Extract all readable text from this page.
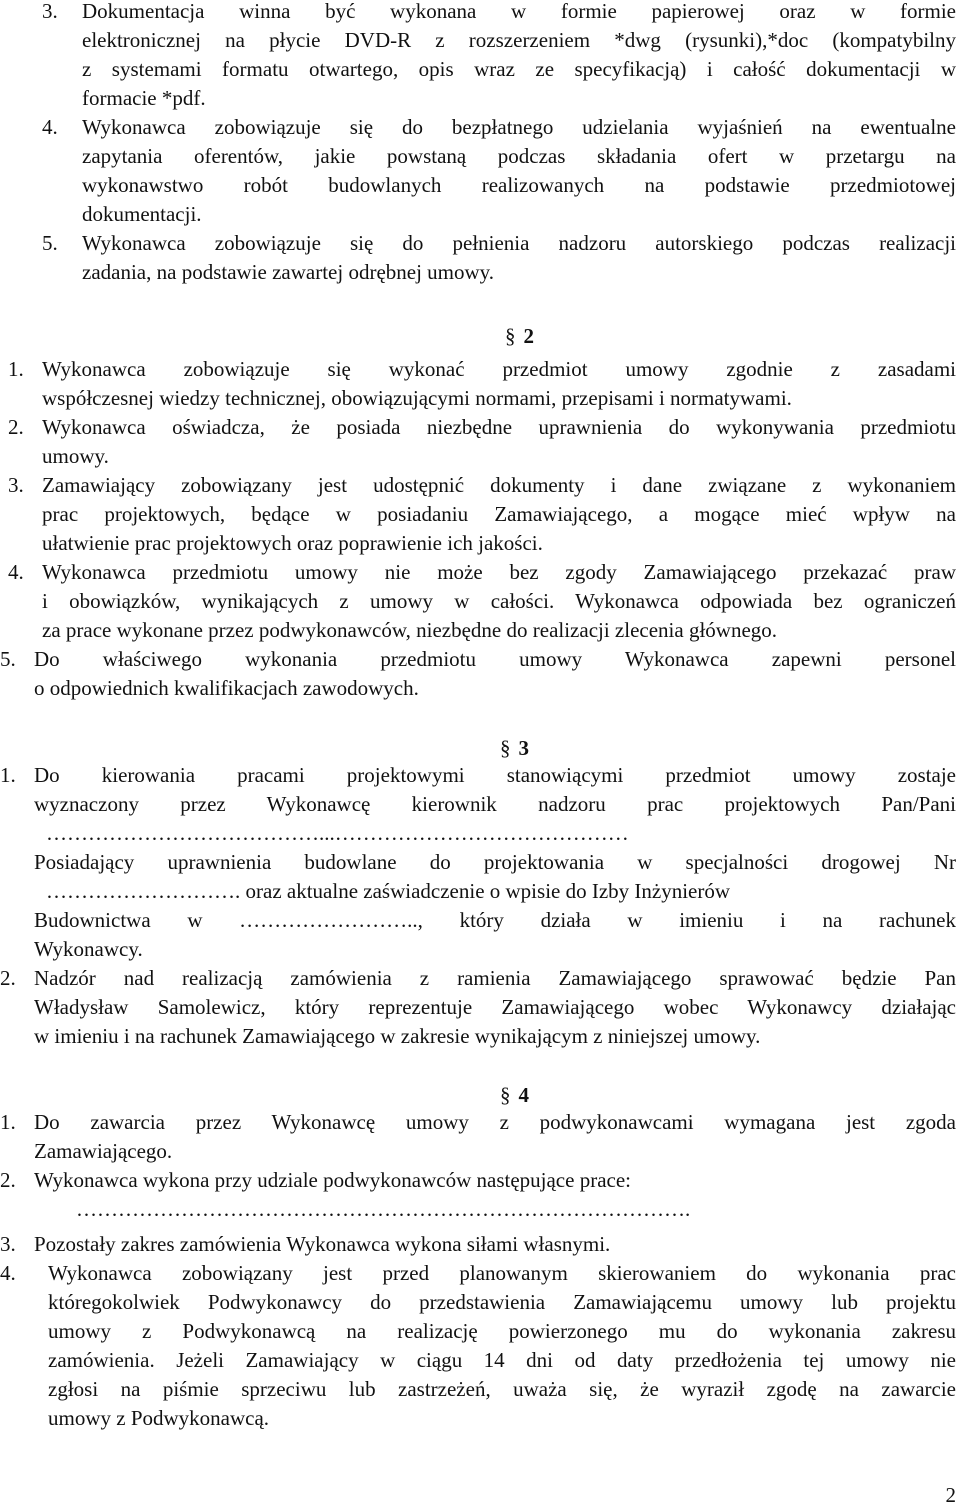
3. Dokumentacja winna być wykonana w formie papierowej oraz w formie
elektronicznej na płycie DVD-R z rozszerzeniem *dwg (rysunki),*doc (kompatybilny
z systemami formatu otwartego, opis wraz ze specyfikacją) i całość dokumentacji w
formacie *pdf.
4. Wykonawca zobowiązuje się do bezpłatnego udzielania wyjaśnień na ewentualne
zapytania oferentów, jakie powstaną podczas składania ofert w przetargu na
wykonawstwo robót budowlanych realizowanych na podstawie przedmiotowej
dokumentacji.
5. Wykonawca zobowiązuje się do pełnienia nadzoru autorskiego podczas realizacji
zadania, na podstawie zawartej odrębnej umowy.
§ 2
1. Wykonawca zobowiązuje się wykonać przedmiot umowy zgodnie z zasadami
współczesnej wiedzy technicznej, obowiązującymi normami, przepisami i normatywami.
2. Wykonawca oświadcza, że posiada niezbędne uprawnienia do wykonywania przedmiotu
umowy.
3. Zamawiający zobowiązany jest udostępnić dokumenty i dane związane z wykonaniem
prac projektowych, będące w posiadaniu Zamawiającego, a mogące mieć wpływ na
ułatwienie prac projektowych oraz poprawienie ich jakości.
4. Wykonawca przedmiotu umowy nie może bez zgody Zamawiającego przekazać praw
i obowiązków, wynikających z umowy w całości. Wykonawca odpowiada bez ograniczeń
za prace wykonane przez podwykonawców, niezbędne do realizacji zlecenia głównego.
5. Do właściwego wykonania przedmiotu umowy Wykonawca zapewni personel
o odpowiednich kwalifikacjach zawodowych.
§ 3
1. Do kierowania pracami projektowymi stanowiącymi przedmiot umowy zostaje
wyznaczony przez Wykonawcę kierownik nadzoru prac projektowych Pan/Pani
…………………………………...……………………………………
Posiadający uprawnienia budowlane do projektowania w specjalności drogowej Nr
………………………. oraz aktualne zaświadczenie o wpisie do Izby Inżynierów
Budownictwa w …………………….., który działa w imieniu i na rachunek
Wykonawcy.
2. Nadzór nad realizacją zamówienia z ramienia Zamawiającego sprawować będzie Pan
Władysław Samolewicz, który reprezentuje Zamawiającego wobec Wykonawcy działając
w imieniu i na rachunek Zamawiającego w zakresie wynikającym z niniejszej umowy.
§ 4
1. Do zawarcia przez Wykonawcę umowy z podwykonawcami wymagana jest zgoda
Zamawiającego.
2. Wykonawca wykona przy udziale podwykonawców następujące prace:
…………………………………………………………………………….
3. Pozostały zakres zamówienia Wykonawca wykona siłami własnymi.
4. Wykonawca zobowiązany jest przed planowanym skierowaniem do wykonania prac
któregokolwiek Podwykonawcy do przedstawienia Zamawiającemu umowy lub projektu
umowy z Podwykonawcą na realizację powierzonego mu do wykonania zakresu
zamówienia. Jeżeli Zamawiający w ciągu 14 dni od daty przedłożenia tej umowy nie
zgłosi na piśmie sprzeciwu lub zastrzeżeń, uważa się, że wyraził zgodę na zawarcie
umowy z Podwykonawcą.
2
